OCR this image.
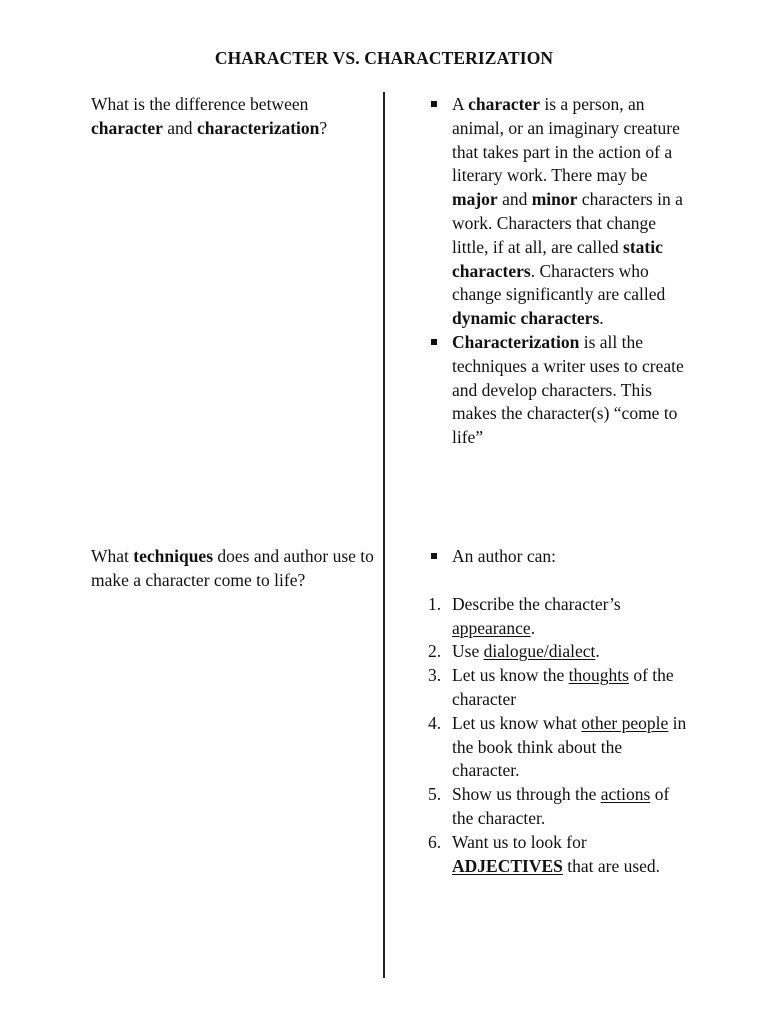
CHARACTER VS. CHARACTERIZATION

What is the difference between character and characterization?

A character is a person, an animal, or an imaginary creature that takes part in the action of a literary work. There may be major and minor characters in a work. Characters that change little, if at all, are called static characters. Characters who change significantly are called dynamic characters.
Characterization is all the techniques a writer uses to create and develop characters. This makes the character(s) “come to life”

What techniques does and author use to make a character come to life?

An author can:
1. Describe the character’s appearance.
2. Use dialogue/dialect.
3. Let us know the thoughts of the character
4. Let us know what other people in the book think about the character.
5. Show us through the actions of the character.
6. Want us to look for ADJECTIVES that are used.
